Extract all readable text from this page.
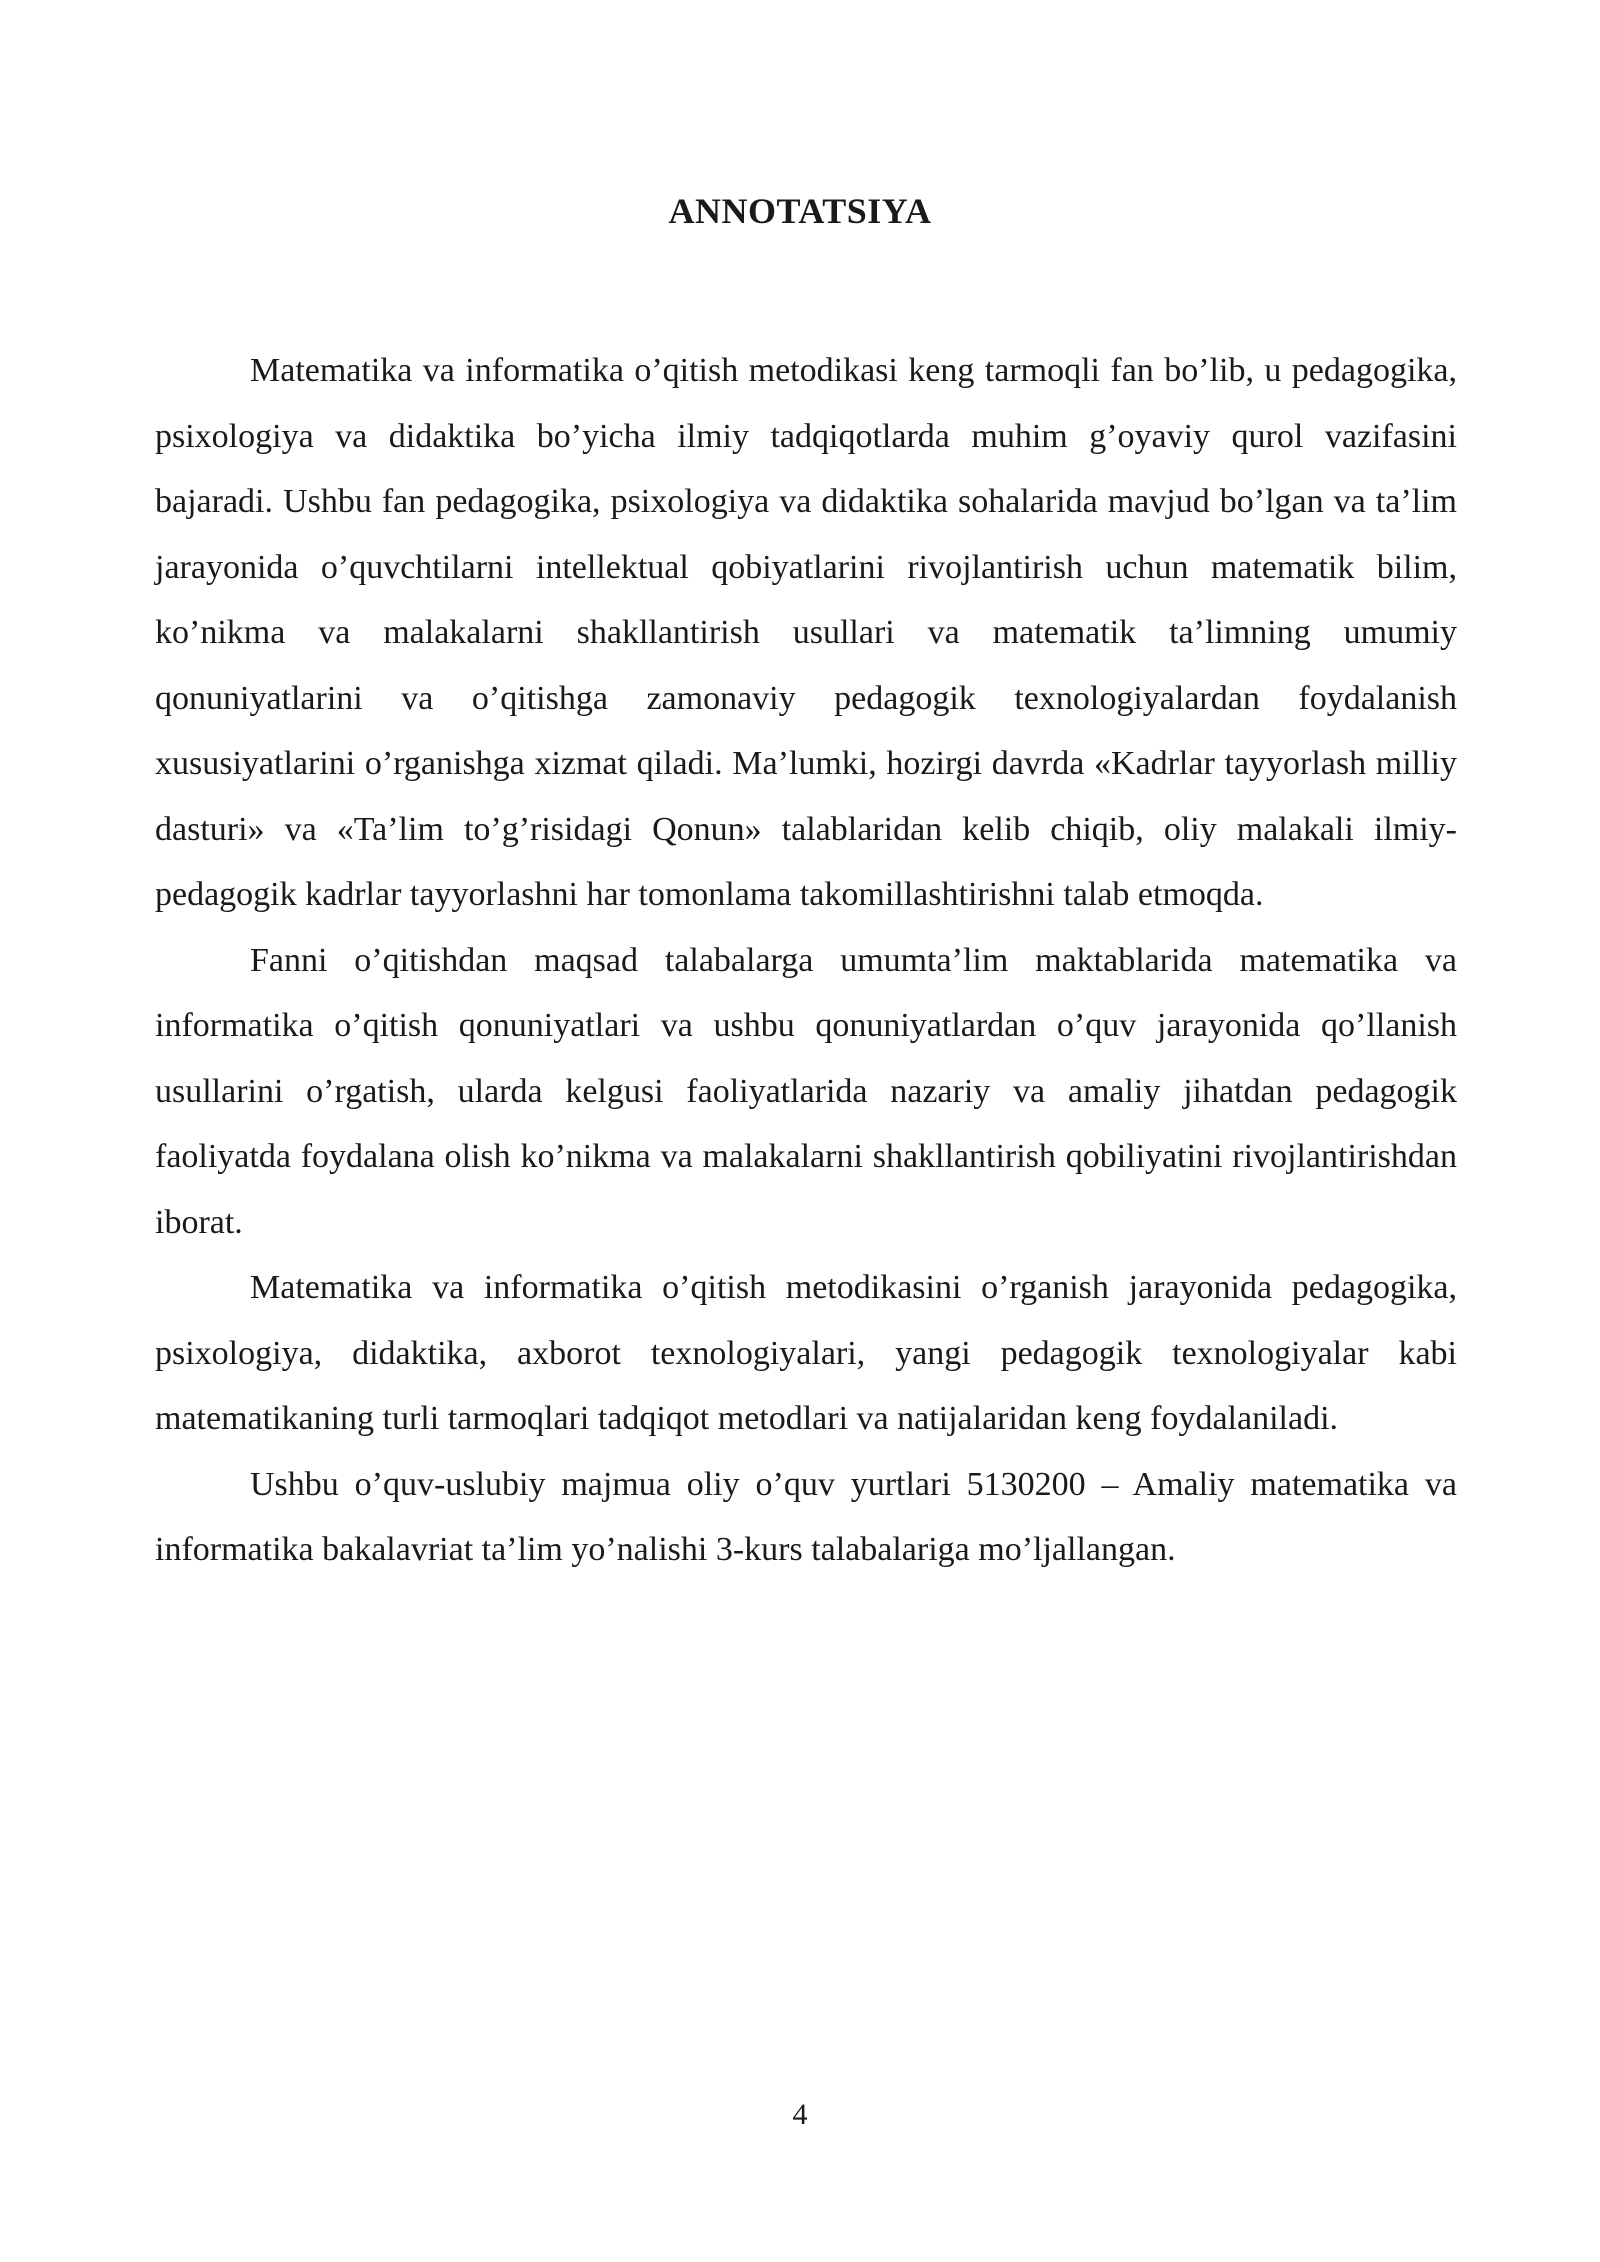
ANNOTATSIYA

Matematika va informatika o’qitish metodikasi keng tarmoqli fan bo’lib, u pedagogika, psixologiya va didaktika bo’yicha ilmiy tadqiqotlarda muhim g’oyaviy qurol vazifasini bajaradi. Ushbu fan pedagogika, psixologiya va didaktika sohalarida mavjud bo’lgan va ta’lim jarayonida o’quvchtilarni intellektual qobiyatlarini rivojlantirish uchun matematik bilim, ko’nikma va malakalarni shakllantirish usullari va matematik ta’limning umumiy qonuniyatlarini va o’qitishga zamonaviy pedagogik texnologiyalardan foydalanish xususiyatlarini o’rganishga xizmat qiladi. Ma’lumki, hozirgi davrda «Kadrlar tayyorlash milliy dasturi» va «Ta’lim to’g’risidagi Qonun» talablaridan kelib chiqib, oliy malakali ilmiy-pedagogik kadrlar tayyorlashni har tomonlama takomillashtirishni talab etmoqda.

Fanni o’qitishdan maqsad talabalarga umumta’lim maktablarida matematika va informatika o’qitish qonuniyatlari va ushbu qonuniyatlardan o’quv jarayonida qo’llanish usullarini o’rgatish, ularda kelgusi faoliyatlarida nazariy va amaliy jihatdan pedagogik faoliyatda foydalana olish ko’nikma va malakalarni shakllantirish qobiliyatini rivojlantirishdan iborat.

Matematika va informatika o’qitish metodikasini o’rganish jarayonida pedagogika, psixologiya, didaktika, axborot texnologiyalari, yangi pedagogik texnologiyalar kabi matematikaning turli tarmoqlari tadqiqot metodlari va natijalaridan keng foydalaniladi.

Ushbu o’quv-uslubiy majmua oliy o’quv yurtlari 5130200 – Amaliy matematika va informatika bakalavriat ta’lim yo’nalishi 3-kurs talabalariga mo’ljallangan.

4
